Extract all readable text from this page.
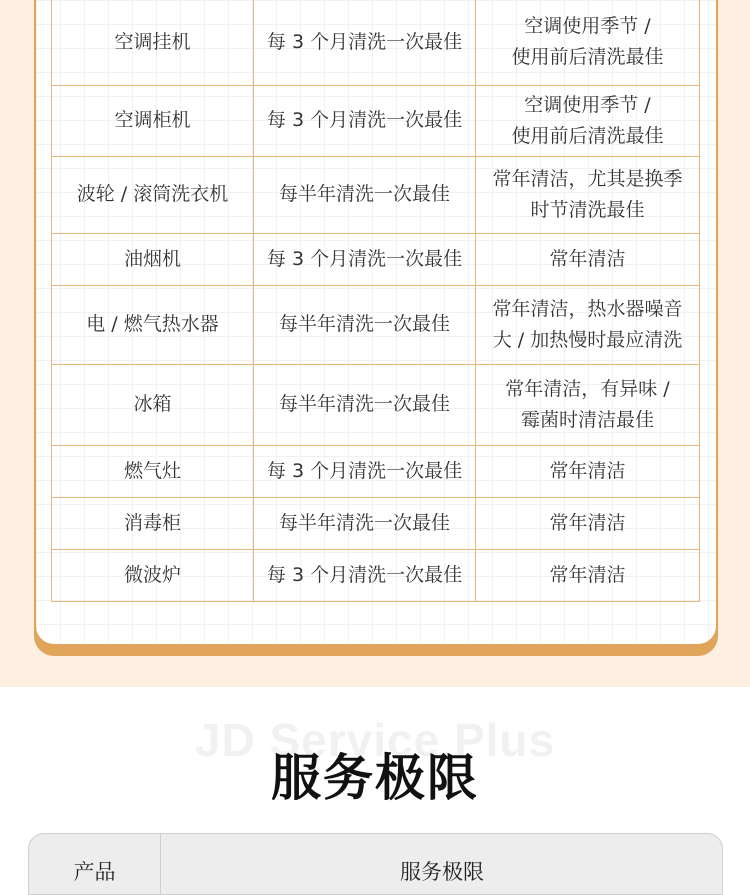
空调挂机	每 3 个月清洗一次最佳	空调使用季节 /
使用前后清洗最佳

空调柜机	每 3 个月清洗一次最佳	空调使用季节 /
使用前后清洗最佳

波轮 / 滚筒洗衣机	每半年清洗一次最佳	常年清洁，尤其是换季
时节清洗最佳

油烟机	每 3 个月清洗一次最佳	常年清洁

电 / 燃气热水器	每半年清洗一次最佳	常年清洁，热水器噪音
大 / 加热慢时最应清洗

冰箱	每半年清洗一次最佳	常年清洁，有异味 /
霉菌时清洁最佳

燃气灶	每 3 个月清洗一次最佳	常年清洁

消毒柜	每半年清洗一次最佳	常年清洁

微波炉	每 3 个月清洗一次最佳	常年清洁
JD Service Plus
服务极限
产品	服务极限
